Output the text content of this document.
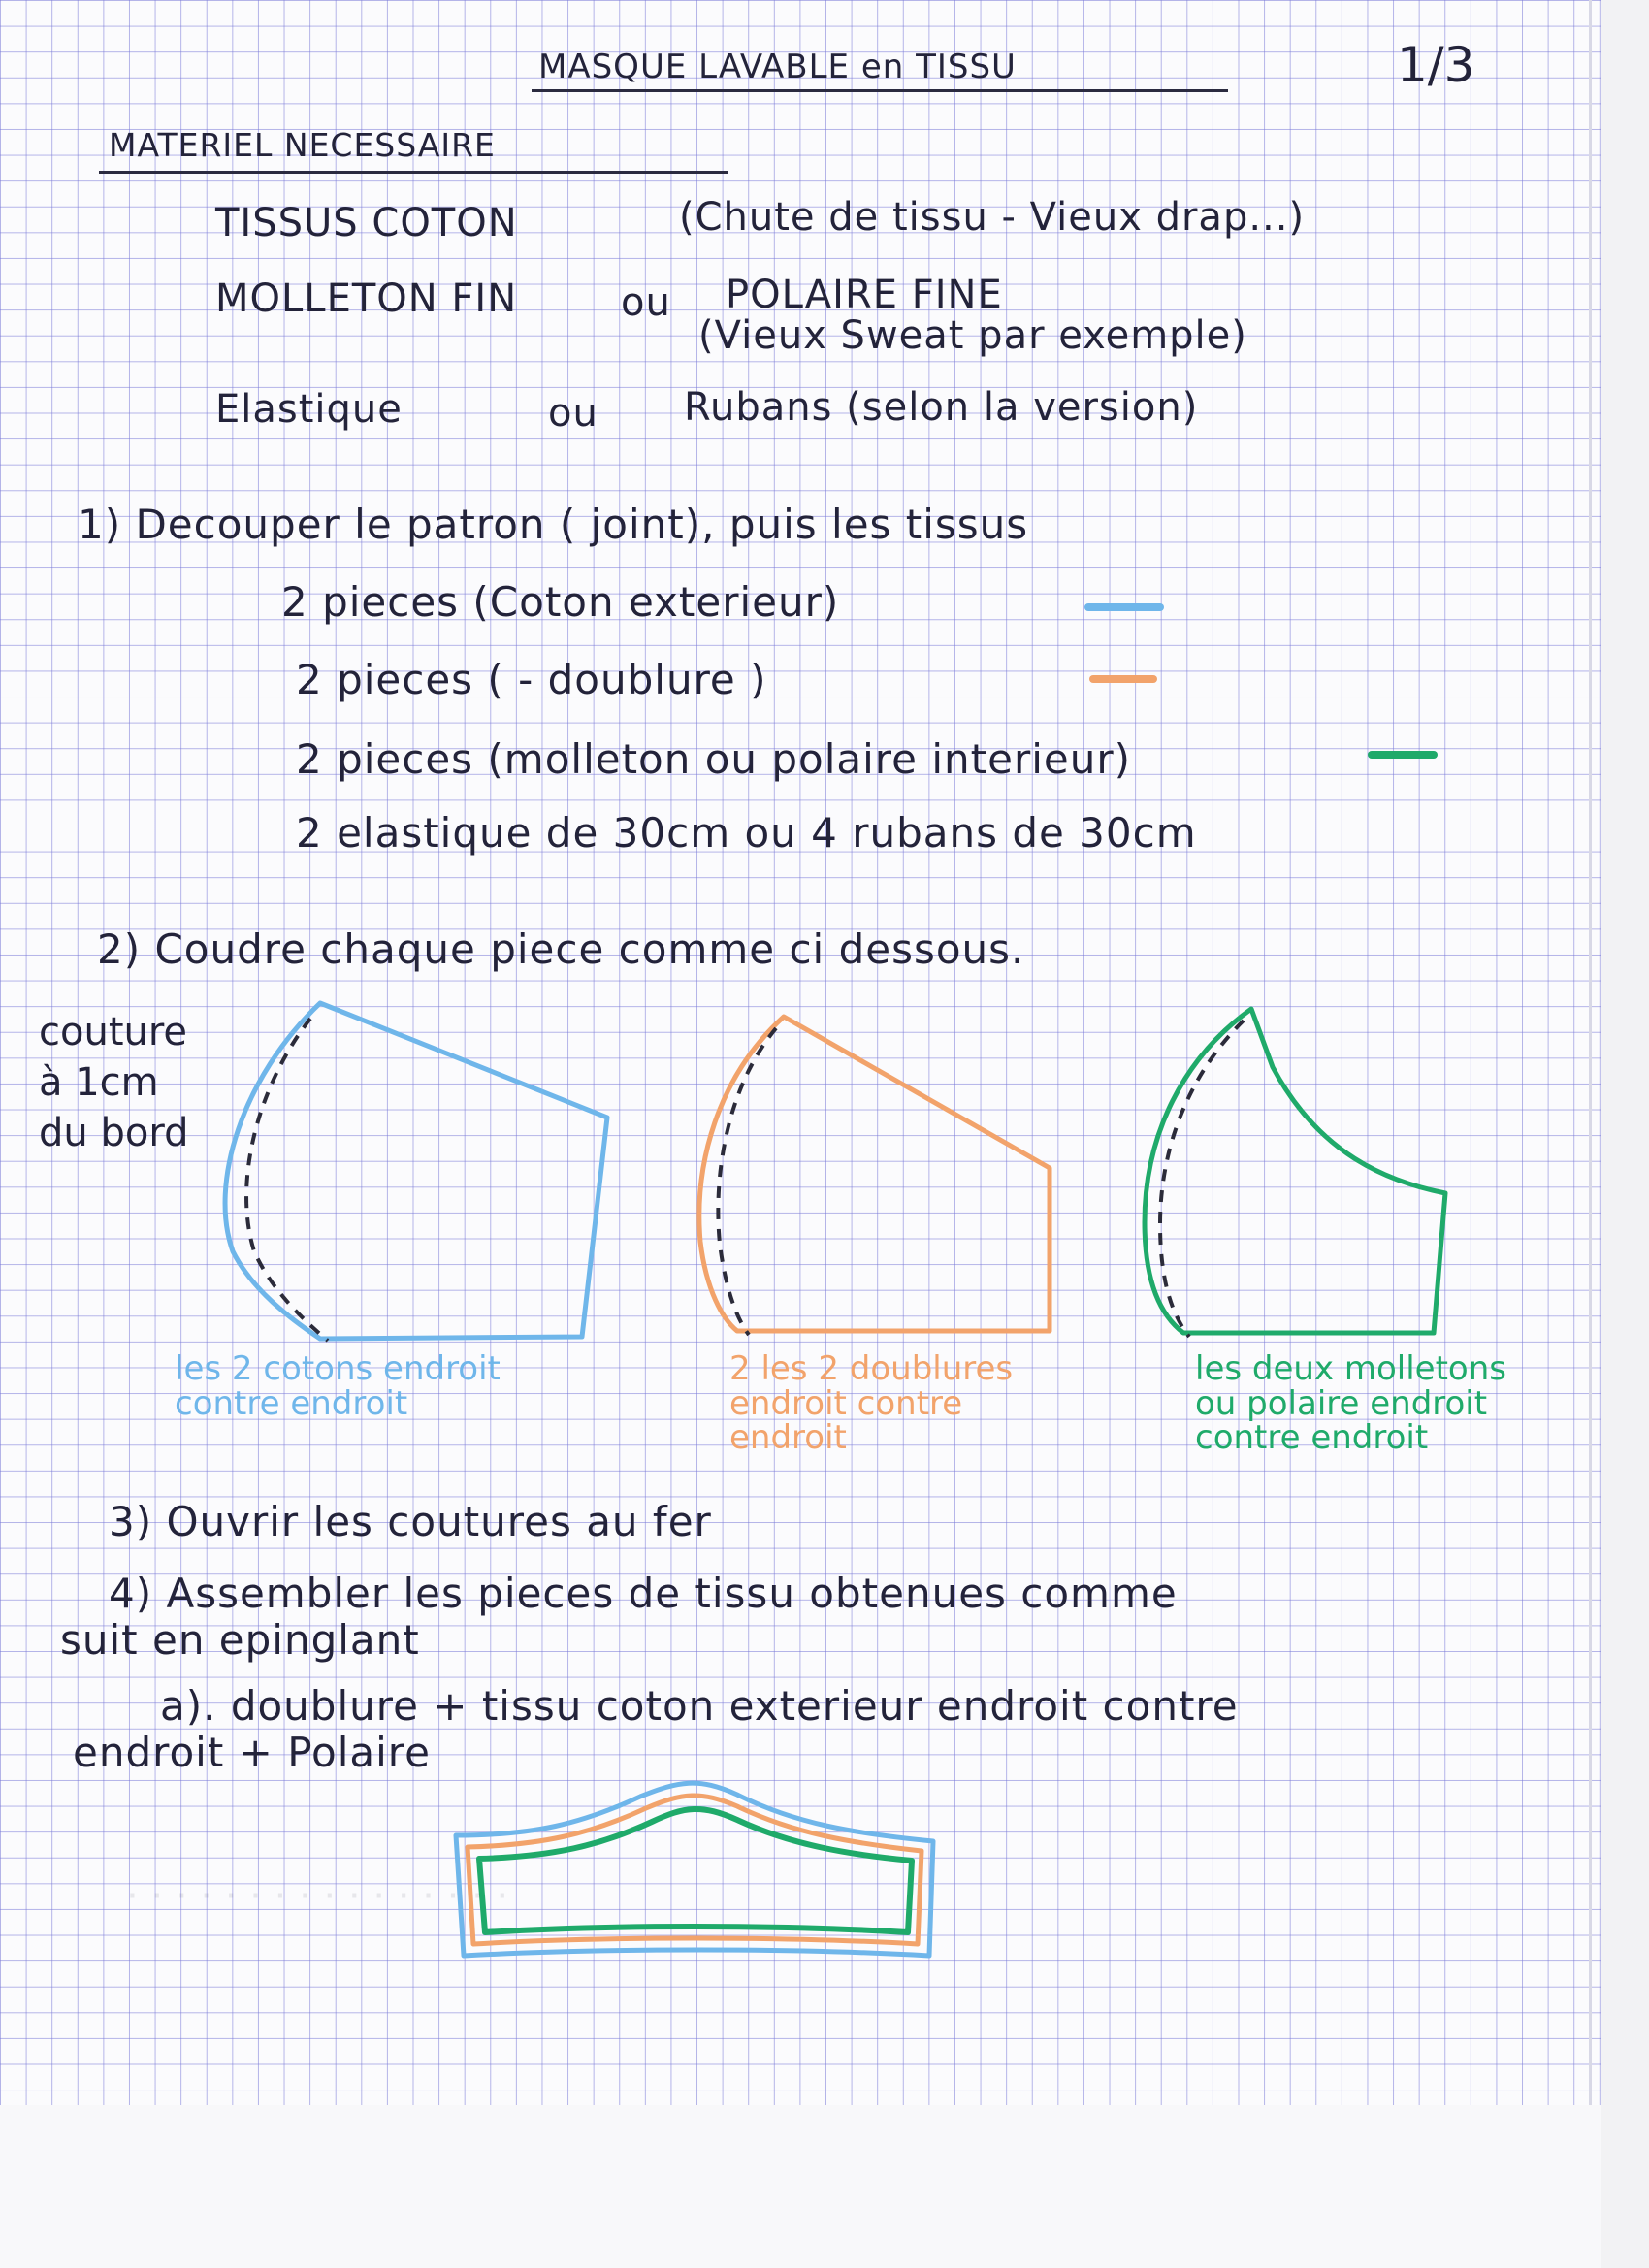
MASQUE LAVABLE en TISSU	1/3
MATERIEL NECESSAIRE
TISSUS COTON	(Chute de tissu - Vieux drap...)
MOLLETON FIN	ou POLAIRE FINE
(Vieux Sweat par exemple)
Elastique	ou Rubans (selon la version)
1) Decouper le patron ( joint), puis les tissus
2 pieces (Coton exterieur)
2 pieces ( - doublure )
2 pieces (molleton ou polaire interieur)
2 elastique de 30cm ou 4 rubans de 30cm
2) Coudre chaque piece comme ci dessous.
couture
à 1cm
du bord
les 2 cotons endroit
contre endroit
2 les 2 doublures
endroit contre
endroit
les deux molletons
ou polaire endroit
contre endroit
3) Ouvrir les coutures au fer
4) Assembler les pieces de tissu obtenues comme
suit en epinglant
a). doublure + tissu coton exterieur endroit contre
endroit + Polaire
· · · · · · · · · · · · · · · ·
